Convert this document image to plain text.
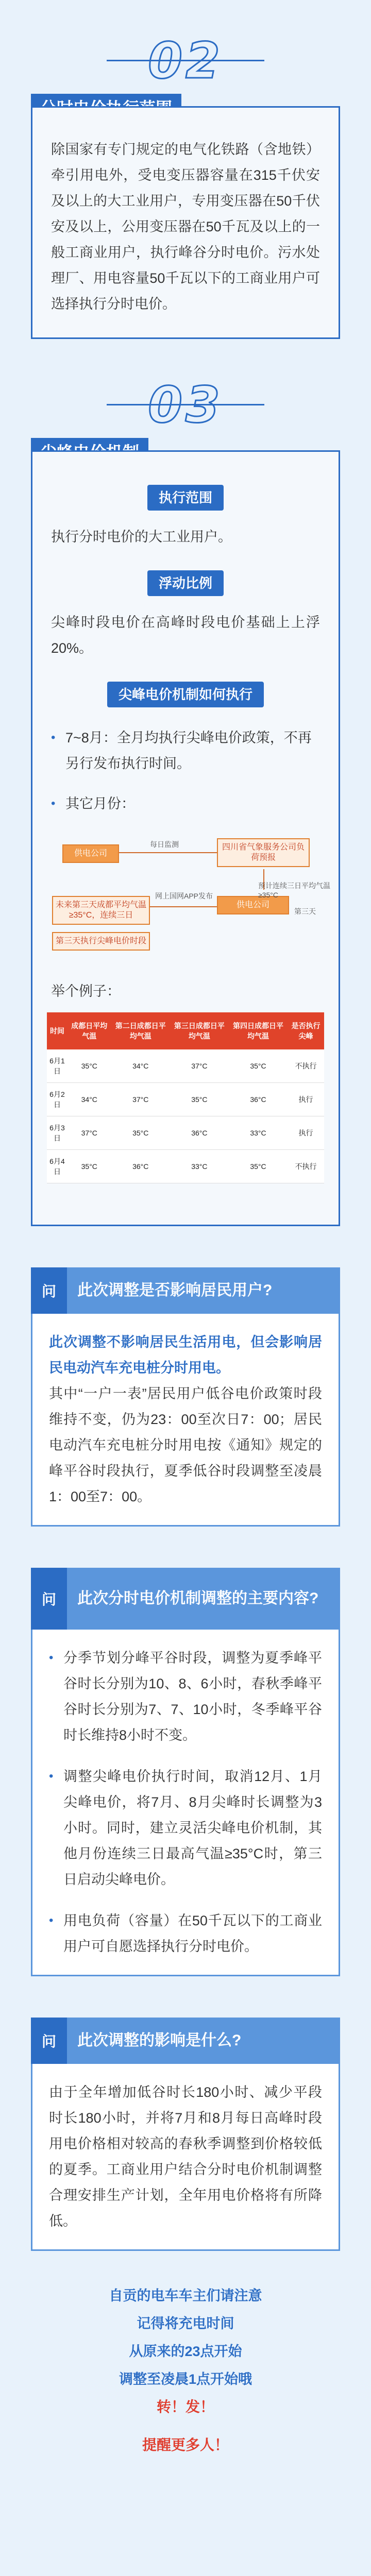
02

除国家有专门规定的电气化铁路（含地铁）牵引用电外，受电变压器容量在315千伏安及以上的大工业用户，专用变压器在50千伏安及以上，公用变压器在50千瓦及以上的一般工商业用户，执行峰谷分时电价。污水处理厂、用电容量50千瓦以下的工商业用户可选择执行分时电价。

03
执行范围
执行分时电价的大工业用户。
浮动比例
尖峰时段电价在高峰时段电价基础上上浮20%。
尖峰电价机制如何执行
• 7~8月：全月均执行尖峰电价政策，不再另行发布执行时间。
• 其它月份：
供电公司
每日监测	四川省气象服务公司负荷预报
未来第三天成都平均气温≥35°C，连续三日
网上国网APP发布
供电公司
预计连续三日平均气温≥35°C
第三天执行尖峰电价时段
第三天
举个例子：
时间	成都日平均气温	第二日成都日平均气温	第三日成都日平均气温	第四日成都日平均气温	是否执行尖峰
6月1日	35°C	34°C	37°C	35°C	不执行
6月2日	34°C	37°C	35°C	36°C	执行
6月3日	37°C	35°C	36°C	33°C	执行
6月4日	35°C	36°C	33°C	35°C	不执行
问	此次调整是否影响居民用户?

此次调整不影响居民生活用电，但会影响居民电动汽车充电桩分时用电。

其中“一户一表”居民用户低谷电价政策时段维持不变，仍为23：00至次日7：00；居民电动汽车充电桩分时用电按《通知》规定的峰平谷时段执行，夏季低谷时段调整至凌晨1：00至7：00。

问	此次分时电价机制调整的主要内容?
• 分季节划分峰平谷时段，调整为夏季峰平谷时长分别为10、8、6小时，春秋季峰平谷时长分别为7、7、10小时，冬季峰平谷时长维持8小时不变。

• 调整尖峰电价执行时间，取消12月、1月尖峰电价，将7月、8月尖峰时长调整为3小时。同时，建立灵活尖峰电价机制，其他月份连续三日最高气温≥35°C时，第三日启动尖峰电价。

• 用电负荷（容量）在50千瓦以下的工商业用户可自愿选择执行分时电价。

问	此次调整的影响是什么?

由于全年增加低谷时长180小时、减少平段时长180小时，并将7月和8月每日高峰时段用电价格相对较高的春秋季调整到价格较低的夏季。工商业用户结合分时电价机制调整合理安排生产计划，全年用电价格将有所降低。

自贡的电车车主们请注意

记得将充电时间

从原来的23点开始

调整至凌晨1点开始哦

转！发！

提醒更多人！
